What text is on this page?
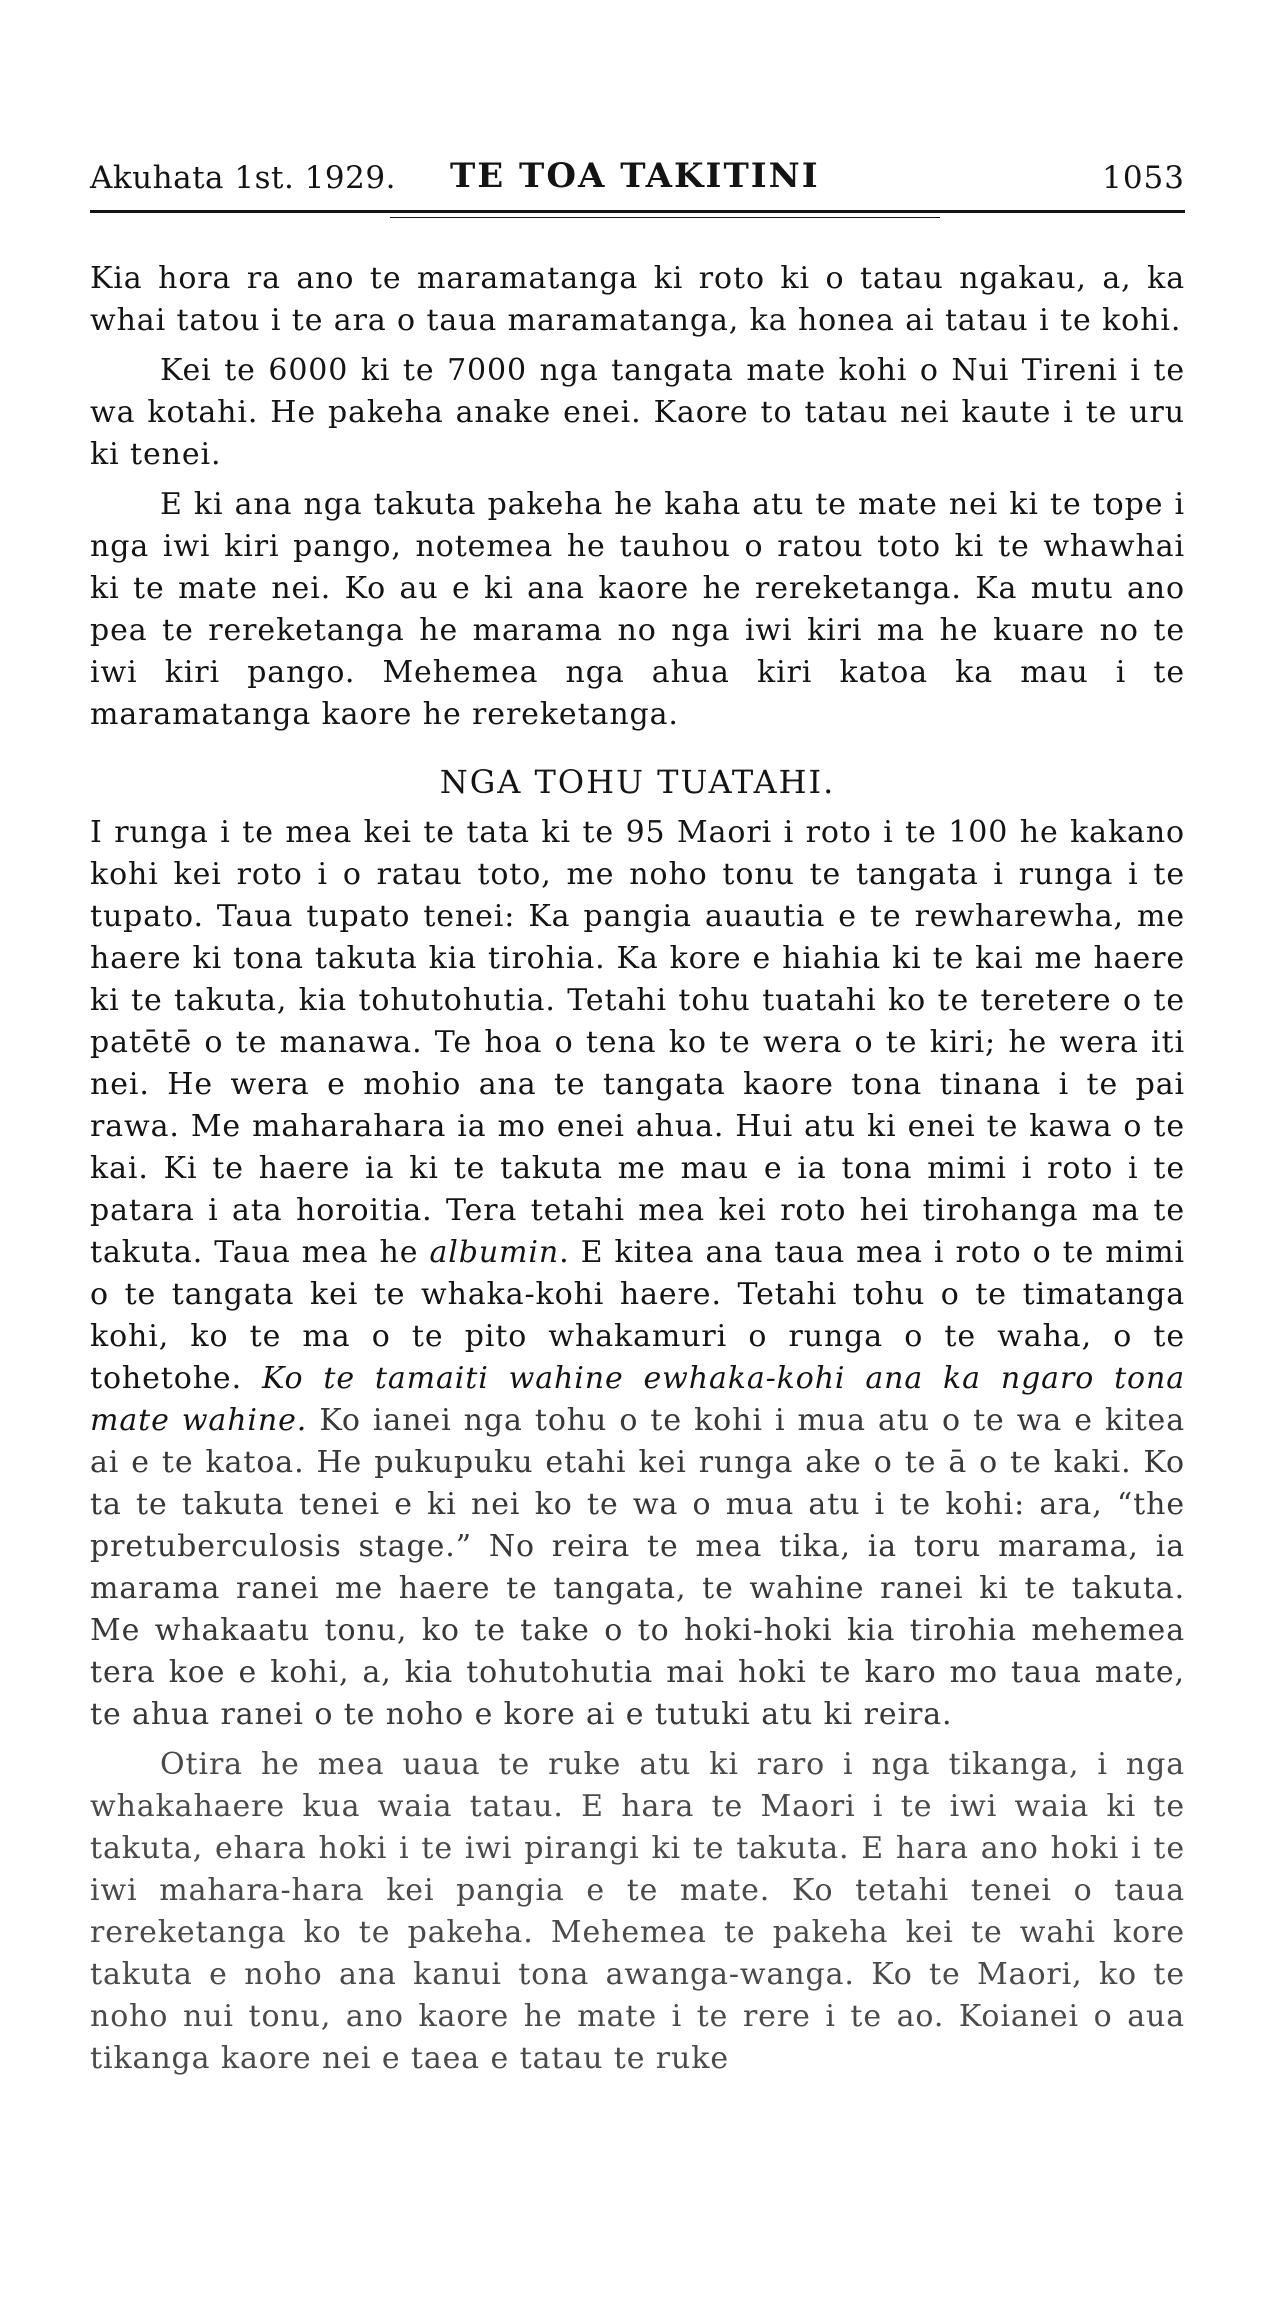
Akuhata 1st. 1929. TE TOA TAKITINI	1053

Kia hora ra ano te maramatanga ki roto ki o tatau ngakau, a, ka whai tatou i te ara o taua maramatanga, ka honea ai tatau i te kohi.

Kei te 6000 ki te 7000 nga tangata mate kohi o Nui Tireni i te wa kotahi. He pakeha anake enei. Kaore to tatau nei kaute i te uru ki tenei.

E ki ana nga takuta pakeha he kaha atu te mate nei ki te tope i nga iwi kiri pango, notemea he tauhou o ratou toto ki te whawhai ki te mate nei. Ko au e ki ana kaore he rereketanga. Ka mutu ano pea te rereketanga he marama no nga iwi kiri ma he kuare no te iwi kiri pango. Mehemea nga ahua kiri katoa ka mau i te maramatanga kaore he rereketanga.

NGA TOHU TUATAHI.

I runga i te mea kei te tata ki te 95 Maori i roto i te 100 he kakano kohi kei roto i o ratau toto, me noho tonu te tangata i runga i te tupato. Taua tupato tenei: Ka pangia auautia e te rewharewha, me haere ki tona takuta kia tirohia. Ka kore e hiahia ki te kai me haere ki te takuta, kia tohutohutia. Tetahi tohu tuatahi ko te teretere o te patētē o te manawa. Te hoa o tena ko te wera o te kiri; he wera iti nei. He wera e mohio ana te tangata kaore tona tinana i te pai rawa. Me maharahara ia mo enei ahua. Hui atu ki enei te kawa o te kai. Ki te haere ia ki te takuta me mau e ia tona mimi i roto i te patara i ata horoitia. Tera tetahi mea kei roto hei tirohanga ma te takuta. Taua mea he albumin. E kitea ana taua mea i roto o te mimi o te tangata kei te whaka-kohi haere. Tetahi tohu o te timatanga kohi, ko te ma o te pito whakamuri o runga o te waha, o te tohetohe. Ko te tamaiti wahine ewhaka-kohi ana ka ngaro tona mate wahine. Ko ianei nga tohu o te kohi i mua atu o te wa e kitea ai e te katoa. He pukupuku etahi kei runga ake o te ā o te kaki. Ko ta te takuta tenei e ki nei ko te wa o mua atu i te kohi: ara, “the pretuberculosis stage.” No reira te mea tika, ia toru marama, ia marama ranei me haere te tangata, te wahine ranei ki te takuta. Me whakaatu tonu, ko te take o to hoki-hoki kia tirohia mehemea tera koe e kohi, a, kia tohutohutia mai hoki te karo mo taua mate, te ahua ranei o te noho e kore ai e tutuki atu ki reira.

Otira he mea uaua te ruke atu ki raro i nga tikanga, i nga whakahaere kua waia tatau. E hara te Maori i te iwi waia ki te takuta, ehara hoki i te iwi pirangi ki te takuta. E hara ano hoki i te iwi mahara-hara kei pangia e te mate. Ko tetahi tenei o taua rereketanga ko te pakeha. Mehemea te pakeha kei te wahi kore takuta e noho ana kanui tona awanga-wanga. Ko te Maori, ko te noho nui tonu, ano kaore he mate i te rere i te ao. Koianei o aua tikanga kaore nei e taea e tatau te ruke
